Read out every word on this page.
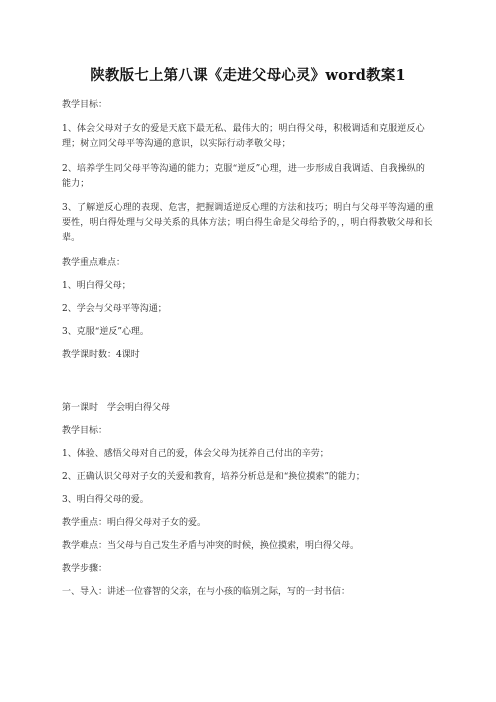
陕教版七上第八课《走进父母心灵》word教案1
教学目标：
1、体会父母对子女的爱是天底下最无私、最伟大的；明白得父母，积极调适和克服逆反心理；树立同父母平等沟通的意识，以实际行动孝敬父母；
2、培养学生同父母平等沟通的能力；克服“逆反”心理，进一步形成自我调适、自我操纵的能力；
3、了解逆反心理的表现、危害，把握调适逆反心理的方法和技巧；明白与父母平等沟通的重要性，明白得处理与父母关系的具体方法；明白得生命是父母给予的，，明白得教敬父母和长辈。
教学重点难点：
1、明白得父母；
2、学会与父母平等沟通；
3、克服“逆反”心理。
教学课时数：4课时
第一课时　学会明白得父母
教学目标：
1、体验、感悟父母对自己的爱，体会父母为抚养自己付出的辛劳；
2、正确认识父母对子女的关爱和教育，培养分析总是和“换位摸索”的能力；
3、明白得父母的爱。
教学重点：明白得父母对子女的爱。
教学难点：当父母与自己发生矛盾与冲突的时候，换位摸索，明白得父母。
教学步骤：
一、导入：讲述一位睿智的父亲，在与小孩的临别之际，写的一封书信：
